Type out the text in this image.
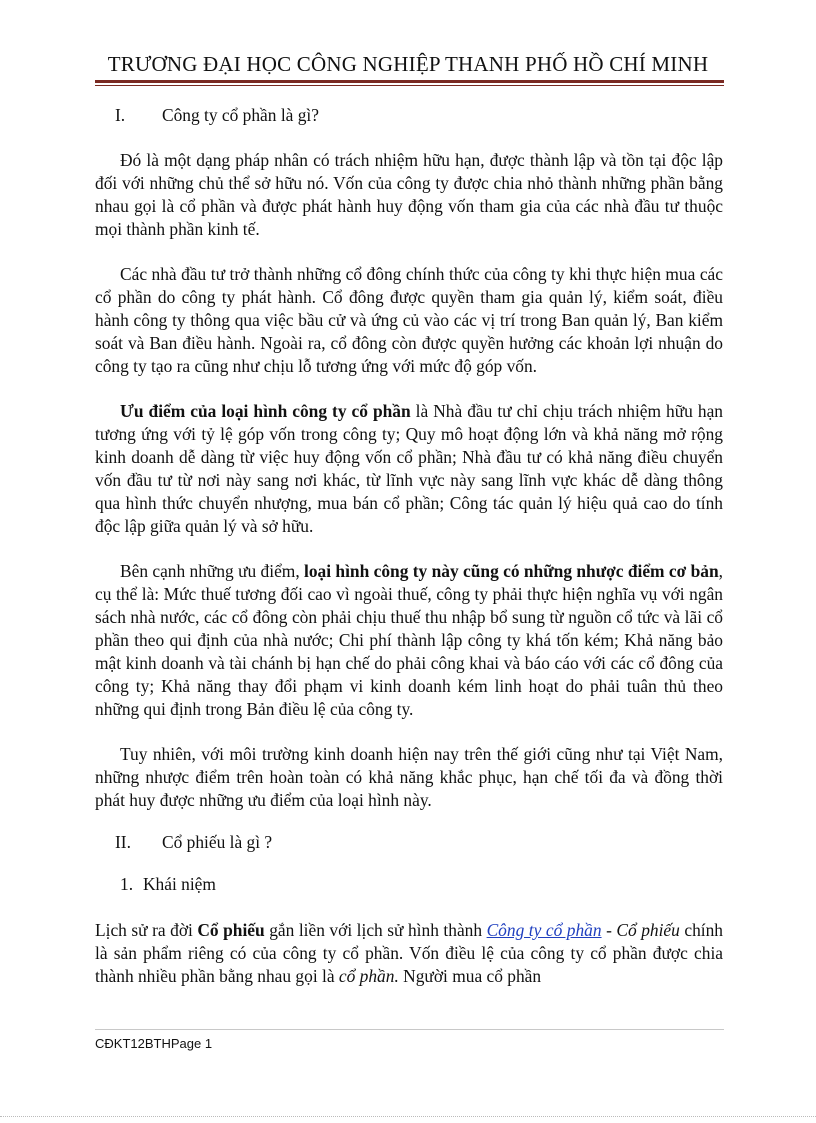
TRƯƠNG ĐẠI HỌC CÔNG NGHIỆP THANH PHỐ HỒ CHÍ MINH
I. Công ty cổ phần là gì?

Đó là một dạng pháp nhân có trách nhiệm hữu hạn, được thành lập và tồn tại độc lập đối với những chủ thể sở hữu nó. Vốn của công ty được chia nhỏ thành những phần bằng nhau gọi là cổ phần và được phát hành huy động vốn tham gia của các nhà đầu tư thuộc mọi thành phần kinh tế.

Các nhà đầu tư trở thành những cổ đông chính thức của công ty khi thực hiện mua các cổ phần do công ty phát hành. Cổ đông được quyền tham gia quản lý, kiểm soát, điều hành công ty thông qua việc bầu cử và ứng củ vào các vị trí trong Ban quản lý, Ban kiểm soát và Ban điều hành. Ngoài ra, cổ đông còn được quyền hưởng các khoản lợi nhuận do công ty tạo ra cũng như chịu lỗ tương ứng với mức độ góp vốn.

Ưu điểm của loại hình công ty cổ phần là Nhà đầu tư chỉ chịu trách nhiệm hữu hạn tương ứng với tỷ lệ góp vốn trong công ty; Quy mô hoạt động lớn và khả năng mở rộng kinh doanh dễ dàng từ việc huy động vốn cổ phần; Nhà đầu tư có khả năng điều chuyển vốn đầu tư từ nơi này sang nơi khác, từ lĩnh vực này sang lĩnh vực khác dễ dàng thông qua hình thức chuyển nhượng, mua bán cổ phần; Công tác quản lý hiệu quả cao do tính độc lập giữa quản lý và sở hữu.

Bên cạnh những ưu điểm, loại hình công ty này cũng có những nhược điểm cơ bản, cụ thể là: Mức thuế tương đối cao vì ngoài thuế, công ty phải thực hiện nghĩa vụ với ngân sách nhà nước, các cổ đông còn phải chịu thuế thu nhập bổ sung từ nguồn cổ tức và lãi cổ phần theo qui định của nhà nước; Chi phí thành lập công ty khá tốn kém; Khả năng bảo mật kinh doanh và tài chánh bị hạn chế do phải công khai và báo cáo với các cổ đông của công ty; Khả năng thay đổi phạm vi kinh doanh kém linh hoạt do phải tuân thủ theo những qui định trong Bản điều lệ của công ty.

Tuy nhiên, với môi trường kinh doanh hiện nay trên thế giới cũng như tại Việt Nam, những nhược điểm trên hoàn toàn có khả năng khắc phục, hạn chế tối đa và đồng thời phát huy được những ưu điểm của loại hình này.

II. Cổ phiếu là gì ?
1. Khái niệm

Lịch sử ra đời Cổ phiếu gắn liền với lịch sử hình thành Công ty cổ phần - Cổ phiếu chính là sản phẩm riêng có của công ty cổ phần. Vốn điều lệ của công ty cổ phần được chia thành nhiều phần bằng nhau gọi là cổ phần. Người mua cổ phần

CĐKT12BTHPage 1
